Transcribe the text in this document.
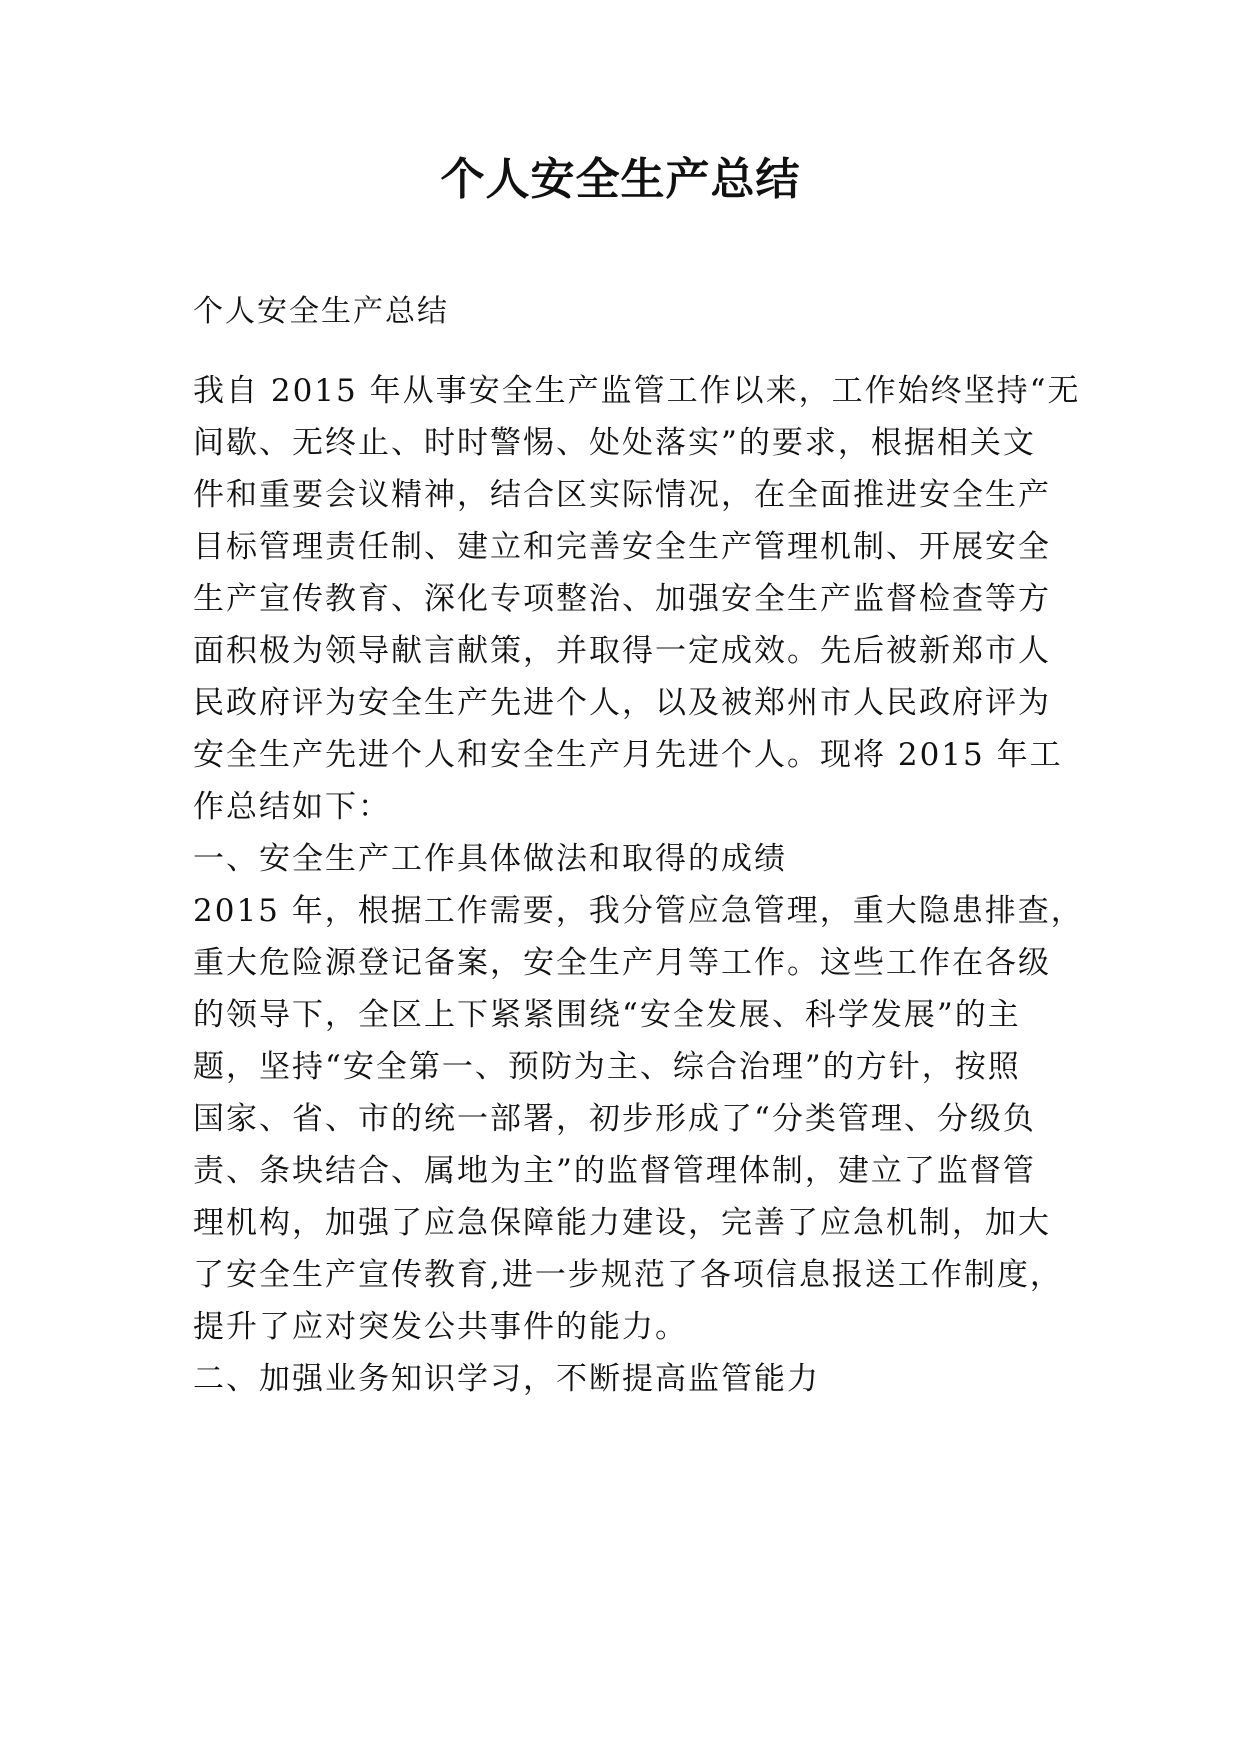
个人安全生产总结

个人安全生产总结

我自 2015 年从事安全生产监管工作以来，工作始终坚持“无

间歇、无终止、时时警惕、处处落实”的要求，根据相关文

件和重要会议精神，结合区实际情况，在全面推进安全生产

目标管理责任制、建立和完善安全生产管理机制、开展安全

生产宣传教育、深化专项整治、加强安全生产监督检查等方

面积极为领导献言献策，并取得一定成效。先后被新郑市人

民政府评为安全生产先进个人，以及被郑州市人民政府评为

安全生产先进个人和安全生产月先进个人。现将 2015 年工

作总结如下：

一、安全生产工作具体做法和取得的成绩

2015 年，根据工作需要，我分管应急管理，重大隐患排查，

重大危险源登记备案，安全生产月等工作。这些工作在各级

的领导下，全区上下紧紧围绕“安全发展、科学发展”的主

题，坚持“安全第一、预防为主、综合治理”的方针，按照

国家、省、市的统一部署，初步形成了“分类管理、分级负

责、条块结合、属地为主”的监督管理体制，建立了监督管

理机构，加强了应急保障能力建设，完善了应急机制，加大

了安全生产宣传教育,进一步规范了各项信息报送工作制度，

提升了应对突发公共事件的能力。

二、加强业务知识学习，不断提高监管能力
